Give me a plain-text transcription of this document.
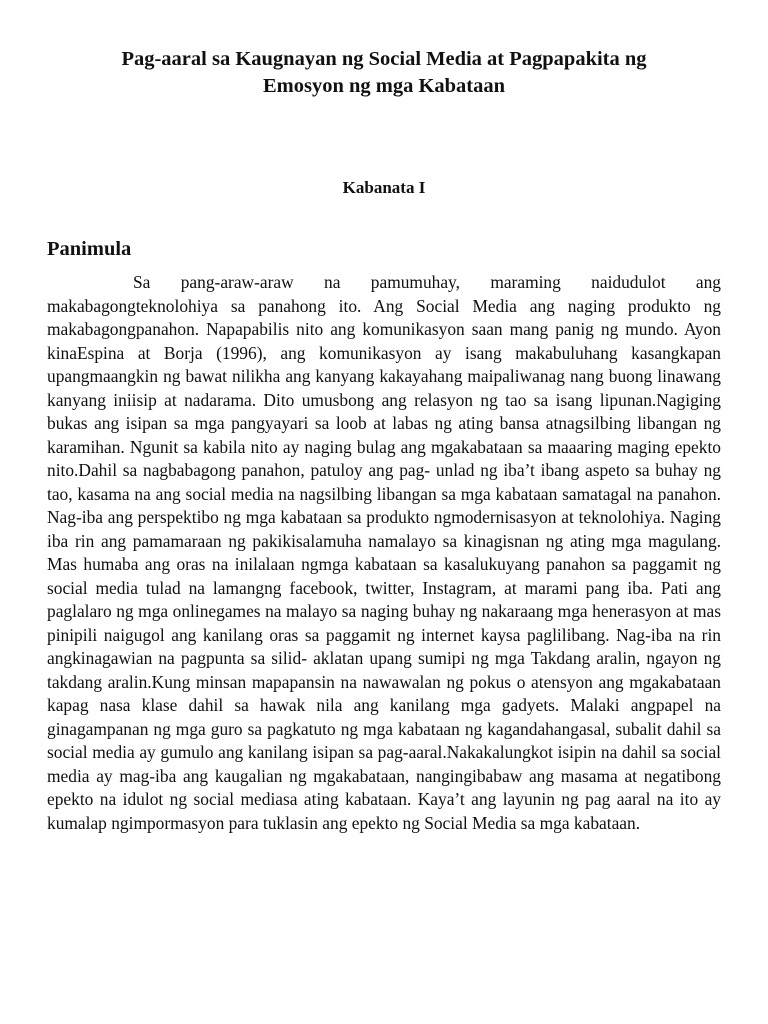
Pag-aaral sa Kaugnayan ng Social Media at Pagpapakita ng
Emosyon ng mga Kabataan
Kabanata I
Panimula

Sa pang-araw-araw na pamumuhay, maraming naidudulot ang makabagongteknolohiya sa panahong ito. Ang Social Media ang naging produkto ng makabagongpanahon. Napapabilis nito ang komunikasyon saan mang panig ng mundo. Ayon kinaEspina at Borja (1996), ang komunikasyon ay isang makabuluhang kasangkapan upangmaangkin ng bawat nilikha ang kanyang kakayahang maipaliwanag nang buong linawang kanyang iniisip at nadarama. Dito umusbong ang relasyon ng tao sa isang lipunan.Nagiging bukas ang isipan sa mga pangyayari sa loob at labas ng ating bansa atnagsilbing libangan ng karamihan. Ngunit sa kabila nito ay naging bulag ang mgakabataan sa maaaring maging epekto nito.Dahil sa nagbabagong panahon, patuloy ang pag- unlad ng iba’t ibang aspeto sa buhay ng tao, kasama na ang social media na nagsilbing libangan sa mga kabataan samatagal na panahon. Nag-iba ang perspektibo ng mga kabataan sa produkto ngmodernisasyon at teknolohiya. Naging iba rin ang pamamaraan ng pakikisalamuha namalayo sa kinagisnan ng ating mga magulang. Mas humaba ang oras na inilalaan ngmga kabataan sa kasalukuyang panahon sa paggamit ng social media tulad na lamangng facebook, twitter, Instagram, at marami pang iba. Pati ang paglalaro ng mga onlinegames na malayo sa naging buhay ng nakaraang mga henerasyon at mas pinipili naigugol ang kanilang oras sa paggamit ng internet kaysa paglilibang. Nag-iba na rin angkinagawian na pagpunta sa silid- aklatan upang sumipi ng mga Takdang aralin, ngayon ng takdang aralin.Kung minsan mapapansin na nawawalan ng pokus o atensyon ang mgakabataan kapag nasa klase dahil sa hawak nila ang kanilang mga gadyets. Malaki angpapel na ginagampanan ng mga guro sa pagkatuto ng mga kabataan ng kagandahangasal, subalit dahil sa social media ay gumulo ang kanilang isipan sa pag-aaral.Nakakalungkot isipin na dahil sa social media ay mag-iba ang kaugalian ng mgakabataan, nangingibabaw ang masama at negatibong epekto na idulot ng social mediasa ating kabataan. Kaya’t ang layunin ng pag aaral na ito ay kumalap ngimpormasyon para tuklasin ang epekto ng Social Media sa mga kabataan.
